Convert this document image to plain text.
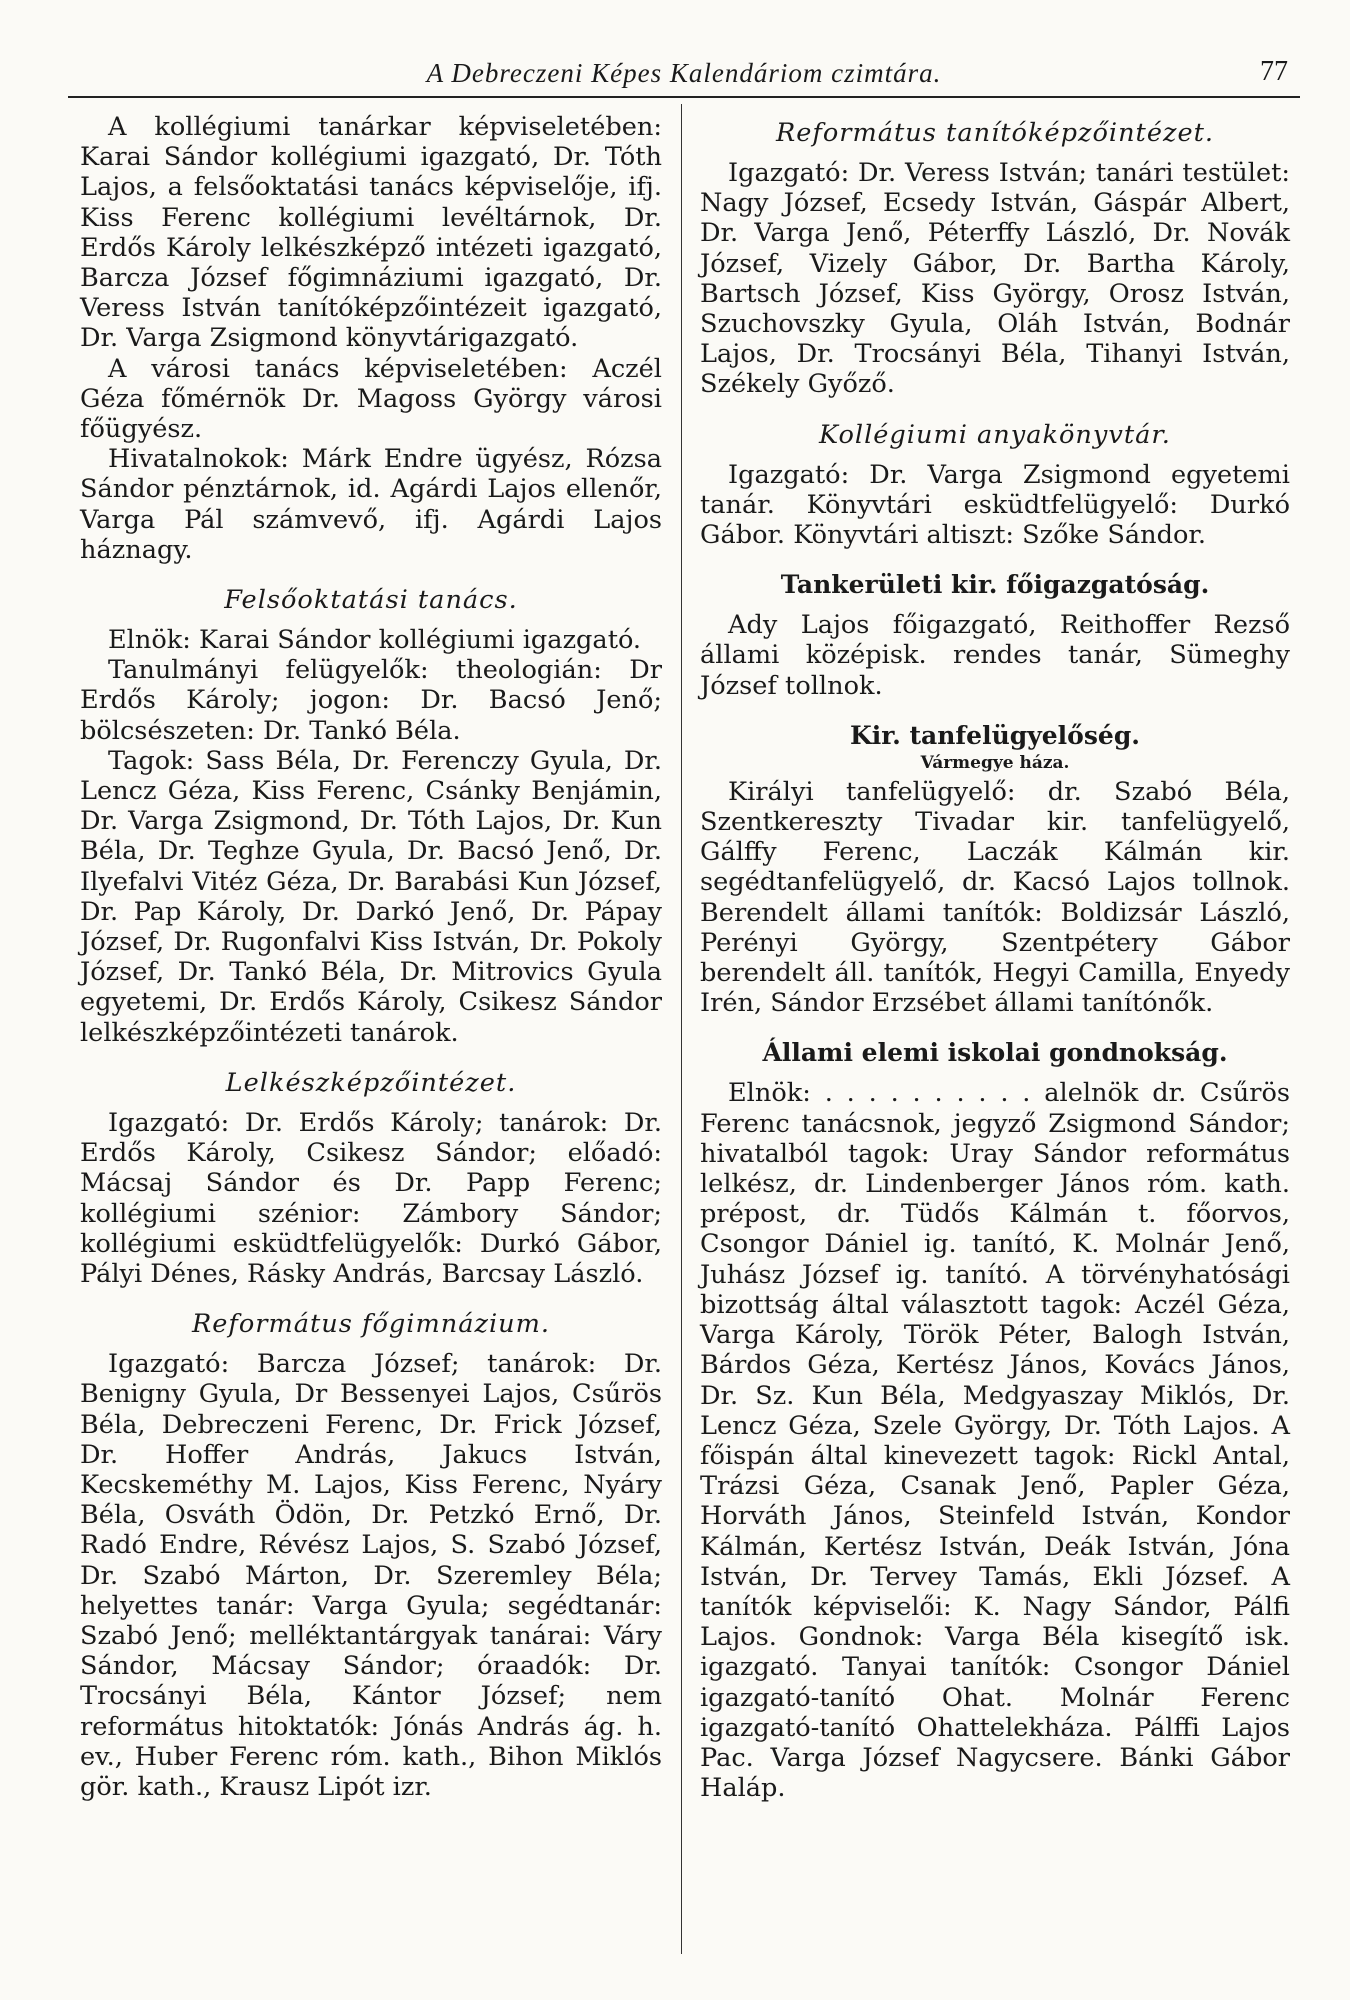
A Debreczeni Képes Kalendáriom czimtára.	77

A kollégiumi tanárkar képviseletében: Karai Sándor kollégiumi igazgató, Dr. Tóth Lajos, a felsőoktatási tanács képviselője, ifj. Kiss Ferenc kollégiumi levéltárnok, Dr. Erdős Károly lelkészképző intézeti igazgató, Barcza József főgimnáziumi igazgató, Dr. Veress István tanítóképzőintézeit igazgató, Dr. Varga Zsigmond könyvtárigazgató.

A városi tanács képviseletében: Aczél Géza főmérnök Dr. Magoss György városi főügyész.

Hivatalnokok: Márk Endre ügyész, Rózsa Sándor pénztárnok, id. Agárdi Lajos ellenőr, Varga Pál számvevő, ifj. Agárdi Lajos háznagy.

Felsőoktatási tanács.

Elnök: Karai Sándor kollégiumi igazgató.

Tanulmányi felügyelők: theologián: Dr Erdős Károly; jogon: Dr. Bacsó Jenő; bölcsészeten: Dr. Tankó Béla.

Tagok: Sass Béla, Dr. Ferenczy Gyula, Dr. Lencz Géza, Kiss Ferenc, Csánky Benjámin, Dr. Varga Zsigmond, Dr. Tóth Lajos, Dr. Kun Béla, Dr. Teghze Gyula, Dr. Bacsó Jenő, Dr. Ilyefalvi Vitéz Géza, Dr. Barabási Kun József, Dr. Pap Károly, Dr. Darkó Jenő, Dr. Pápay József, Dr. Rugonfalvi Kiss István, Dr. Pokoly József, Dr. Tankó Béla, Dr. Mitrovics Gyula egyetemi, Dr. Erdős Károly, Csikesz Sándor lelkészképzőintézeti tanárok.

Lelkészképzőintézet.

Igazgató: Dr. Erdős Károly; tanárok: Dr. Erdős Károly, Csikesz Sándor; előadó: Mácsaj Sándor és Dr. Papp Ferenc; kollégiumi szénior: Zámbory Sándor; kollégiumi esküdtfelügyelők: Durkó Gábor, Pályi Dénes, Rásky András, Barcsay László.

Református főgimnázium.

Igazgató: Barcza József; tanárok: Dr. Benigny Gyula, Dr Bessenyei Lajos, Csűrös Béla, Debreczeni Ferenc, Dr. Frick József, Dr. Hoffer András, Jakucs István, Kecskeméthy M. Lajos, Kiss Ferenc, Nyáry Béla, Osváth Ödön, Dr. Petzkó Ernő, Dr. Radó Endre, Révész Lajos, S. Szabó József, Dr. Szabó Márton, Dr. Szeremley Béla; helyettes tanár: Varga Gyula; segédtanár: Szabó Jenő; melléktantárgyak tanárai: Váry Sándor, Mácsay Sándor; óraadók: Dr. Trocsányi Béla, Kántor József; nem református hitoktatók: Jónás András ág. h. ev., Huber Ferenc róm. kath., Bihon Miklós gör. kath., Krausz Lipót izr.

Református tanítóképzőintézet.

Igazgató: Dr. Veress István; tanári testület: Nagy József, Ecsedy István, Gáspár Albert, Dr. Varga Jenő, Péterffy László, Dr. Novák József, Vizely Gábor, Dr. Bartha Károly, Bartsch József, Kiss György, Orosz István, Szuchovszky Gyula, Oláh István, Bodnár Lajos, Dr. Trocsányi Béla, Tihanyi István, Székely Győző.

Kollégiumi anyakönyvtár.

Igazgató: Dr. Varga Zsigmond egyetemi tanár. Könyvtári esküdtfelügyelő: Durkó Gábor. Könyvtári altiszt: Szőke Sándor.

Tankerületi kir. főigazgatóság.

Ady Lajos főigazgató, Reithoffer Rezső állami középisk. rendes tanár, Sümeghy József tollnok.

Kir. tanfelügyelőség.
Vármegye háza.

Királyi tanfelügyelő: dr. Szabó Béla, Szentkereszty Tivadar kir. tanfelügyelő, Gálffy Ferenc, Laczák Kálmán kir. segédtanfelügyelő, dr. Kacsó Lajos tollnok. Berendelt állami tanítók: Boldizsár László, Perényi György, Szentpétery Gábor berendelt áll. tanítók, Hegyi Camilla, Enyedy Irén, Sándor Erzsébet állami tanítónők.

Állami elemi iskolai gondnokság.

Elnök: . . . . . . . . . . alelnök dr. Csűrös Ferenc tanácsnok, jegyző Zsigmond Sándor; hivatalból tagok: Uray Sándor református lelkész, dr. Lindenberger János róm. kath. prépost, dr. Tüdős Kálmán t. főorvos, Csongor Dániel ig. tanító, K. Molnár Jenő, Juhász József ig. tanító. A törvényhatósági bizottság által választott tagok: Aczél Géza, Varga Károly, Török Péter, Balogh István, Bárdos Géza, Kertész János, Kovács János, Dr. Sz. Kun Béla, Medgyaszay Miklós, Dr. Lencz Géza, Szele György, Dr. Tóth Lajos. A főispán által kinevezett tagok: Rickl Antal, Trázsi Géza, Csanak Jenő, Papler Géza, Horváth János, Steinfeld István, Kondor Kálmán, Kertész István, Deák István, Jóna István, Dr. Tervey Tamás, Ekli József. A tanítók képviselői: K. Nagy Sándor, Pálfi Lajos. Gondnok: Varga Béla kisegítő isk. igazgató. Tanyai tanítók: Csongor Dániel igazgató-tanító Ohat. Molnár Ferenc igazgató-tanító Ohattelekháza. Pálffi Lajos Pac. Varga József Nagycsere. Bánki Gábor Haláp.
